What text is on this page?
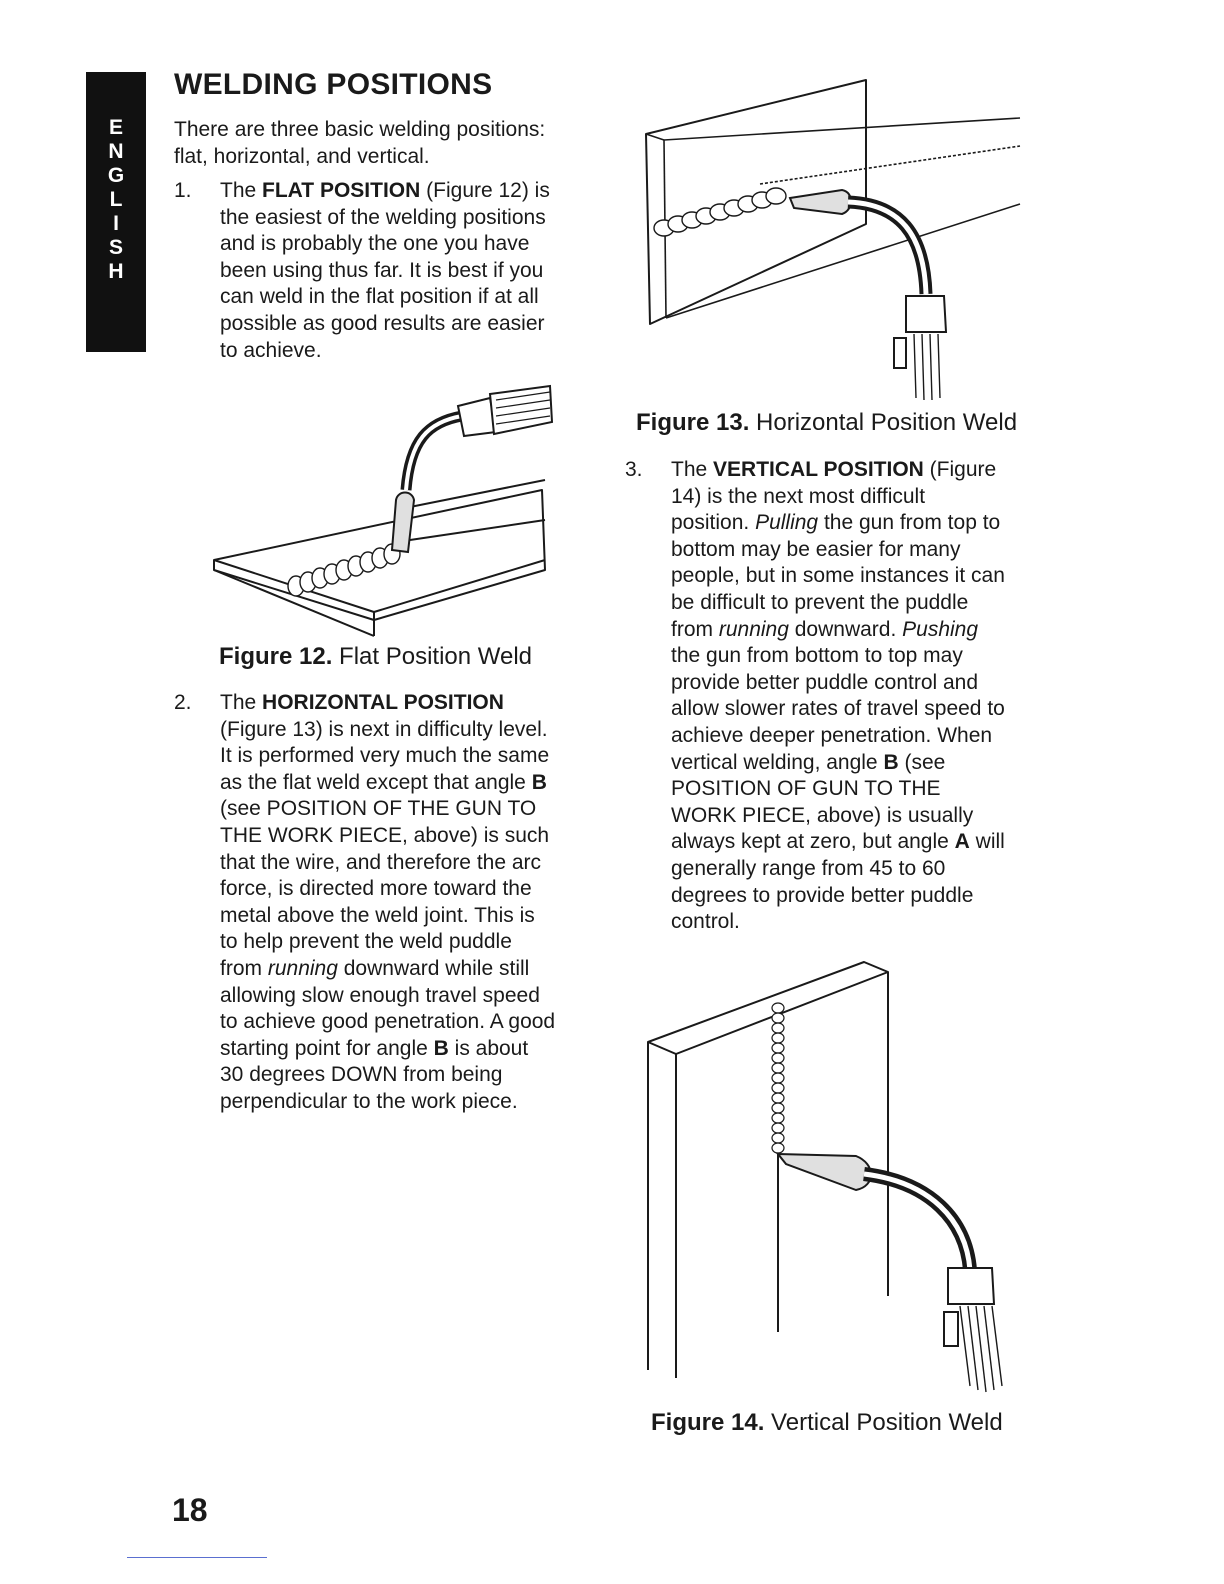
E
N
G
L
I
S
H
WELDING POSITIONS

There are three basic welding positions:
flat, horizontal, and vertical.

1. The FLAT POSITION (Figure 12) is
the easiest of the welding positions
and is probably the one you have
been using thus far. It is best if you
can weld in the flat position if at all
possible as good results are easier
to achieve.

Figure 12. Flat Position Weld

2. The HORIZONTAL POSITION
(Figure 13) is next in difficulty level.
It is performed very much the same
as the flat weld except that angle B
(see POSITION OF THE GUN TO
THE WORK PIECE, above) is such
that the wire, and therefore the arc
force, is directed more toward the
metal above the weld joint. This is
to help prevent the weld puddle
from running downward while still
allowing slow enough travel speed
to achieve good penetration. A good
starting point for angle B is about
30 degrees DOWN from being
perpendicular to the work piece.

Figure 13. Horizontal Position Weld

3. The VERTICAL POSITION (Figure
14) is the next most difficult
position. Pulling the gun from top to
bottom may be easier for many
people, but in some instances it can
be difficult to prevent the puddle
from running downward. Pushing
the gun from bottom to top may
provide better puddle control and
allow slower rates of travel speed to
achieve deeper penetration. When
vertical welding, angle B (see
POSITION OF GUN TO THE
WORK PIECE, above) is usually
always kept at zero, but angle A will
generally range from 45 to 60
degrees to provide better puddle
control.

Figure 14. Vertical Position Weld

18
